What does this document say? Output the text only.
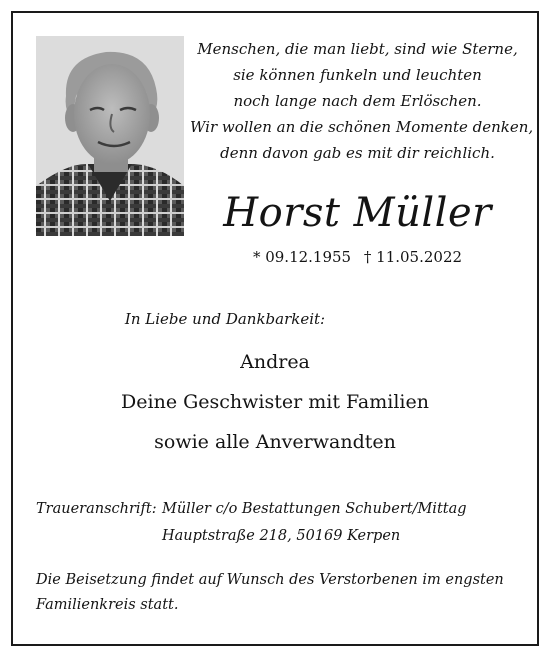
Menschen, die man liebt, sind wie Sterne,
sie können funkeln und leuchten
noch lange nach dem Erlöschen.
Wir wollen an die schönen Momente denken,
denn davon gab es mit dir reichlich.
Horst Müller
* 09.12.1955 † 11.05.2022
In Liebe und Dankbarkeit:
Andrea
Deine Geschwister mit Familien
sowie alle Anverwandten
Traueranschrift: Müller c/o Bestattungen Schubert/Mittag
Hauptstraße 218, 50169 Kerpen
Die Beisetzung findet auf Wunsch des Verstorbenen im engsten Familienkreis statt.
